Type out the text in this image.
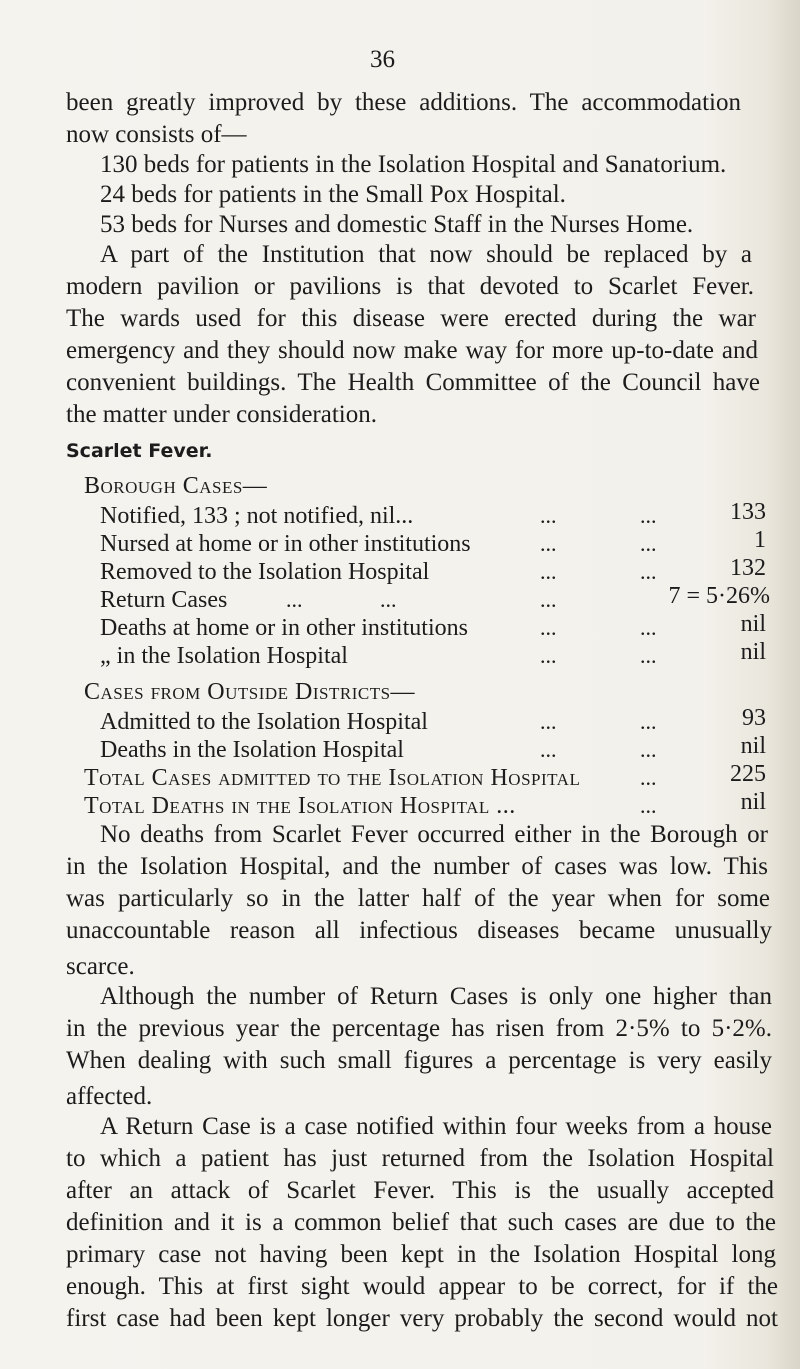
36
been greatly improved by these additions. The accommodation
now consists of—
130 beds for patients in the Isolation Hospital and Sanatorium.
24 beds for patients in the Small Pox Hospital.
53 beds for Nurses and domestic Staff in the Nurses Home.
A part of the Institution that now should be replaced by a
modern pavilion or pavilions is that devoted to Scarlet Fever.
The wards used for this disease were erected during the war
emergency and they should now make way for more up-to-date and
convenient buildings. The Health Committee of the Council have
the matter under consideration.
Scarlet Fever.
Borough Cases—
Notified, 133 ; not notified, nil...	...	...	133
Nursed at home or in other institutions	...	...	1
Removed to the Isolation Hospital	...	...	132
Return Cases	...	...	...	7 = 5·26%
Deaths at home or in other institutions	...	...	nil
„ in the Isolation Hospital	...	...	nil
Cases from Outside Districts—
Admitted to the Isolation Hospital	...	...	93
Deaths in the Isolation Hospital	...	...	nil
Total Cases admitted to the Isolation Hospital	...	225
Total Deaths in the Isolation Hospital ...	...	nil
No deaths from Scarlet Fever occurred either in the Borough or
in the Isolation Hospital, and the number of cases was low. This
was particularly so in the latter half of the year when for some
unaccountable reason all infectious diseases became unusually
scarce.
Although the number of Return Cases is only one higher than
in the previous year the percentage has risen from 2·5% to 5·2%.
When dealing with such small figures a percentage is very easily
affected.
A Return Case is a case notified within four weeks from a house
to which a patient has just returned from the Isolation Hospital
after an attack of Scarlet Fever. This is the usually accepted
definition and it is a common belief that such cases are due to the
primary case not having been kept in the Isolation Hospital long
enough. This at first sight would appear to be correct, for if the
first case had been kept longer very probably the second would not
